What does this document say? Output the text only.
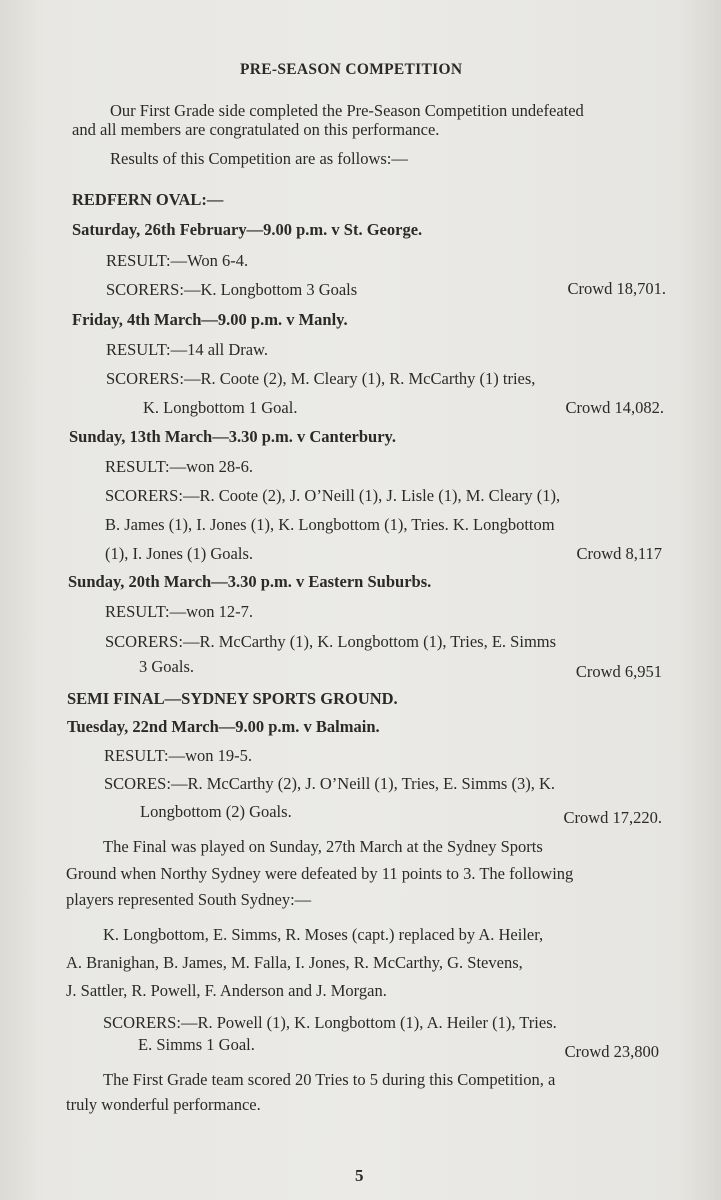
PRE-SEASON COMPETITION
Our First Grade side completed the Pre-Season Competition undefeated
and all members are congratulated on this performance.
Results of this Competition are as follows:—
REDFERN OVAL:—
Saturday, 26th February—9.00 p.m. v St. George.
RESULT:—Won 6-4.
SCORERS:—K. Longbottom 3 Goals	Crowd 18,701.
Friday, 4th March—9.00 p.m. v Manly.
RESULT:—14 all Draw.
SCORERS:—R. Coote (2), M. Cleary (1), R. McCarthy (1) tries,
K. Longbottom 1 Goal.	Crowd 14,082.
Sunday, 13th March—3.30 p.m. v Canterbury.
RESULT:—won 28-6.
SCORERS:—R. Coote (2), J. O’Neill (1), J. Lisle (1), M. Cleary (1),
B. James (1), I. Jones (1), K. Longbottom (1), Tries. K. Longbottom
(1), I. Jones (1) Goals.	Crowd 8,117
Sunday, 20th March—3.30 p.m. v Eastern Suburbs.
RESULT:—won 12-7.
SCORERS:—R. McCarthy (1), K. Longbottom (1), Tries, E. Simms
3 Goals.	Crowd 6,951
SEMI FINAL—SYDNEY SPORTS GROUND.
Tuesday, 22nd March—9.00 p.m. v Balmain.
RESULT:—won 19-5.
SCORES:—R. McCarthy (2), J. O’Neill (1), Tries, E. Simms (3), K.
Longbottom (2) Goals.	Crowd 17,220.
The Final was played on Sunday, 27th March at the Sydney Sports
Ground when Northy Sydney were defeated by 11 points to 3. The following
players represented South Sydney:—
K. Longbottom, E. Simms, R. Moses (capt.) replaced by A. Heiler,
A. Branighan, B. James, M. Falla, I. Jones, R. McCarthy, G. Stevens,
J. Sattler, R. Powell, F. Anderson and J. Morgan.
SCORERS:—R. Powell (1), K. Longbottom (1), A. Heiler (1), Tries.
E. Simms 1 Goal.	Crowd 23,800
The First Grade team scored 20 Tries to 5 during this Competition, a
truly wonderful performance.
5
